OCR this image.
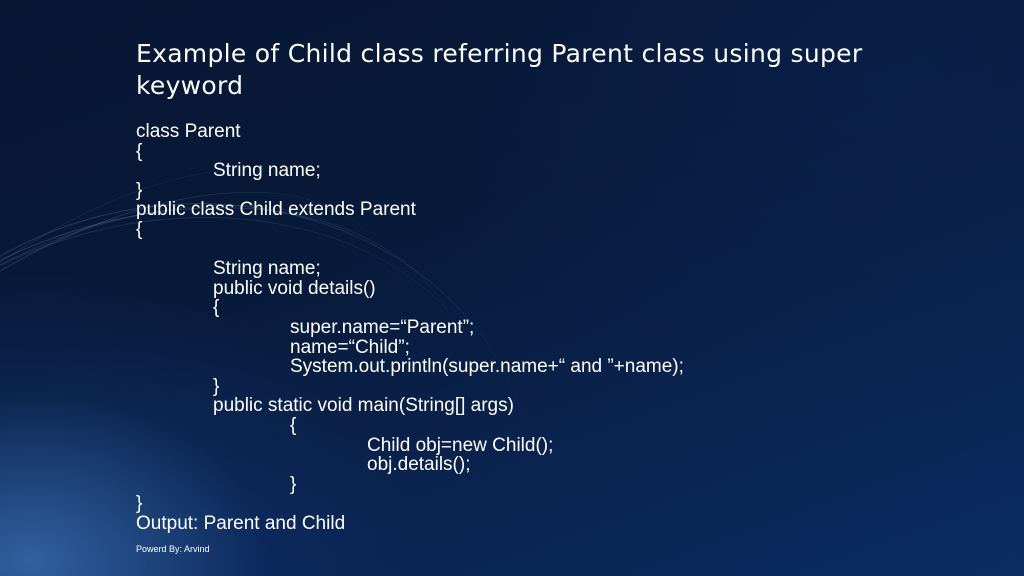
Example of Child class referring Parent class using super keyword
class Parent
{
String name;
}
public class Child extends Parent
{
String name;
public void details()
{
super.name=“Parent”;
name=“Child”;
System.out.println(super.name+“ and ”+name);
}
public static void main(String[] args)
{
Child obj=new Child();
obj.details();
}
}
Output: Parent and Child
Powerd By: Arvind
